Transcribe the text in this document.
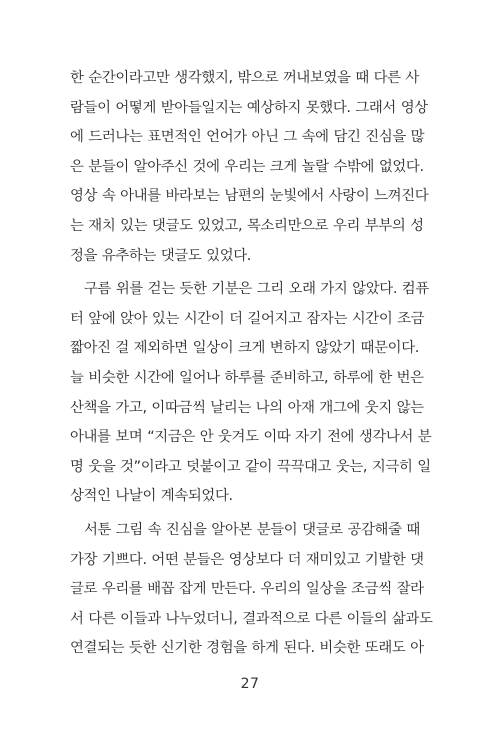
한 순간이라고만 생각했지, 밖으로 꺼내보였을 때 다른 사
람들이 어떻게 받아들일지는 예상하지 못했다. 그래서 영상
에 드러나는 표면적인 언어가 아닌 그 속에 담긴 진심을 많
은 분들이 알아주신 것에 우리는 크게 놀랄 수밖에 없었다.
영상 속 아내를 바라보는 남편의 눈빛에서 사랑이 느껴진다
는 재치 있는 댓글도 있었고, 목소리만으로 우리 부부의 성
정을 유추하는 댓글도 있었다.
구름 위를 걷는 듯한 기분은 그리 오래 가지 않았다. 컴퓨
터 앞에 앉아 있는 시간이 더 길어지고 잠자는 시간이 조금
짧아진 걸 제외하면 일상이 크게 변하지 않았기 때문이다.
늘 비슷한 시간에 일어나 하루를 준비하고, 하루에 한 번은
산책을 가고, 이따금씩 날리는 나의 아재 개그에 웃지 않는
아내를 보며 “지금은 안 웃겨도 이따 자기 전에 생각나서 분
명 웃을 것”이라고 덧붙이고 같이 끅끅대고 웃는, 지극히 일
상적인 나날이 계속되었다.
서툰 그림 속 진심을 알아본 분들이 댓글로 공감해줄 때
가장 기쁘다. 어떤 분들은 영상보다 더 재미있고 기발한 댓
글로 우리를 배꼽 잡게 만든다. 우리의 일상을 조금씩 잘라
서 다른 이들과 나누었더니, 결과적으로 다른 이들의 삶과도
연결되는 듯한 신기한 경험을 하게 된다. 비슷한 또래도 아
27
